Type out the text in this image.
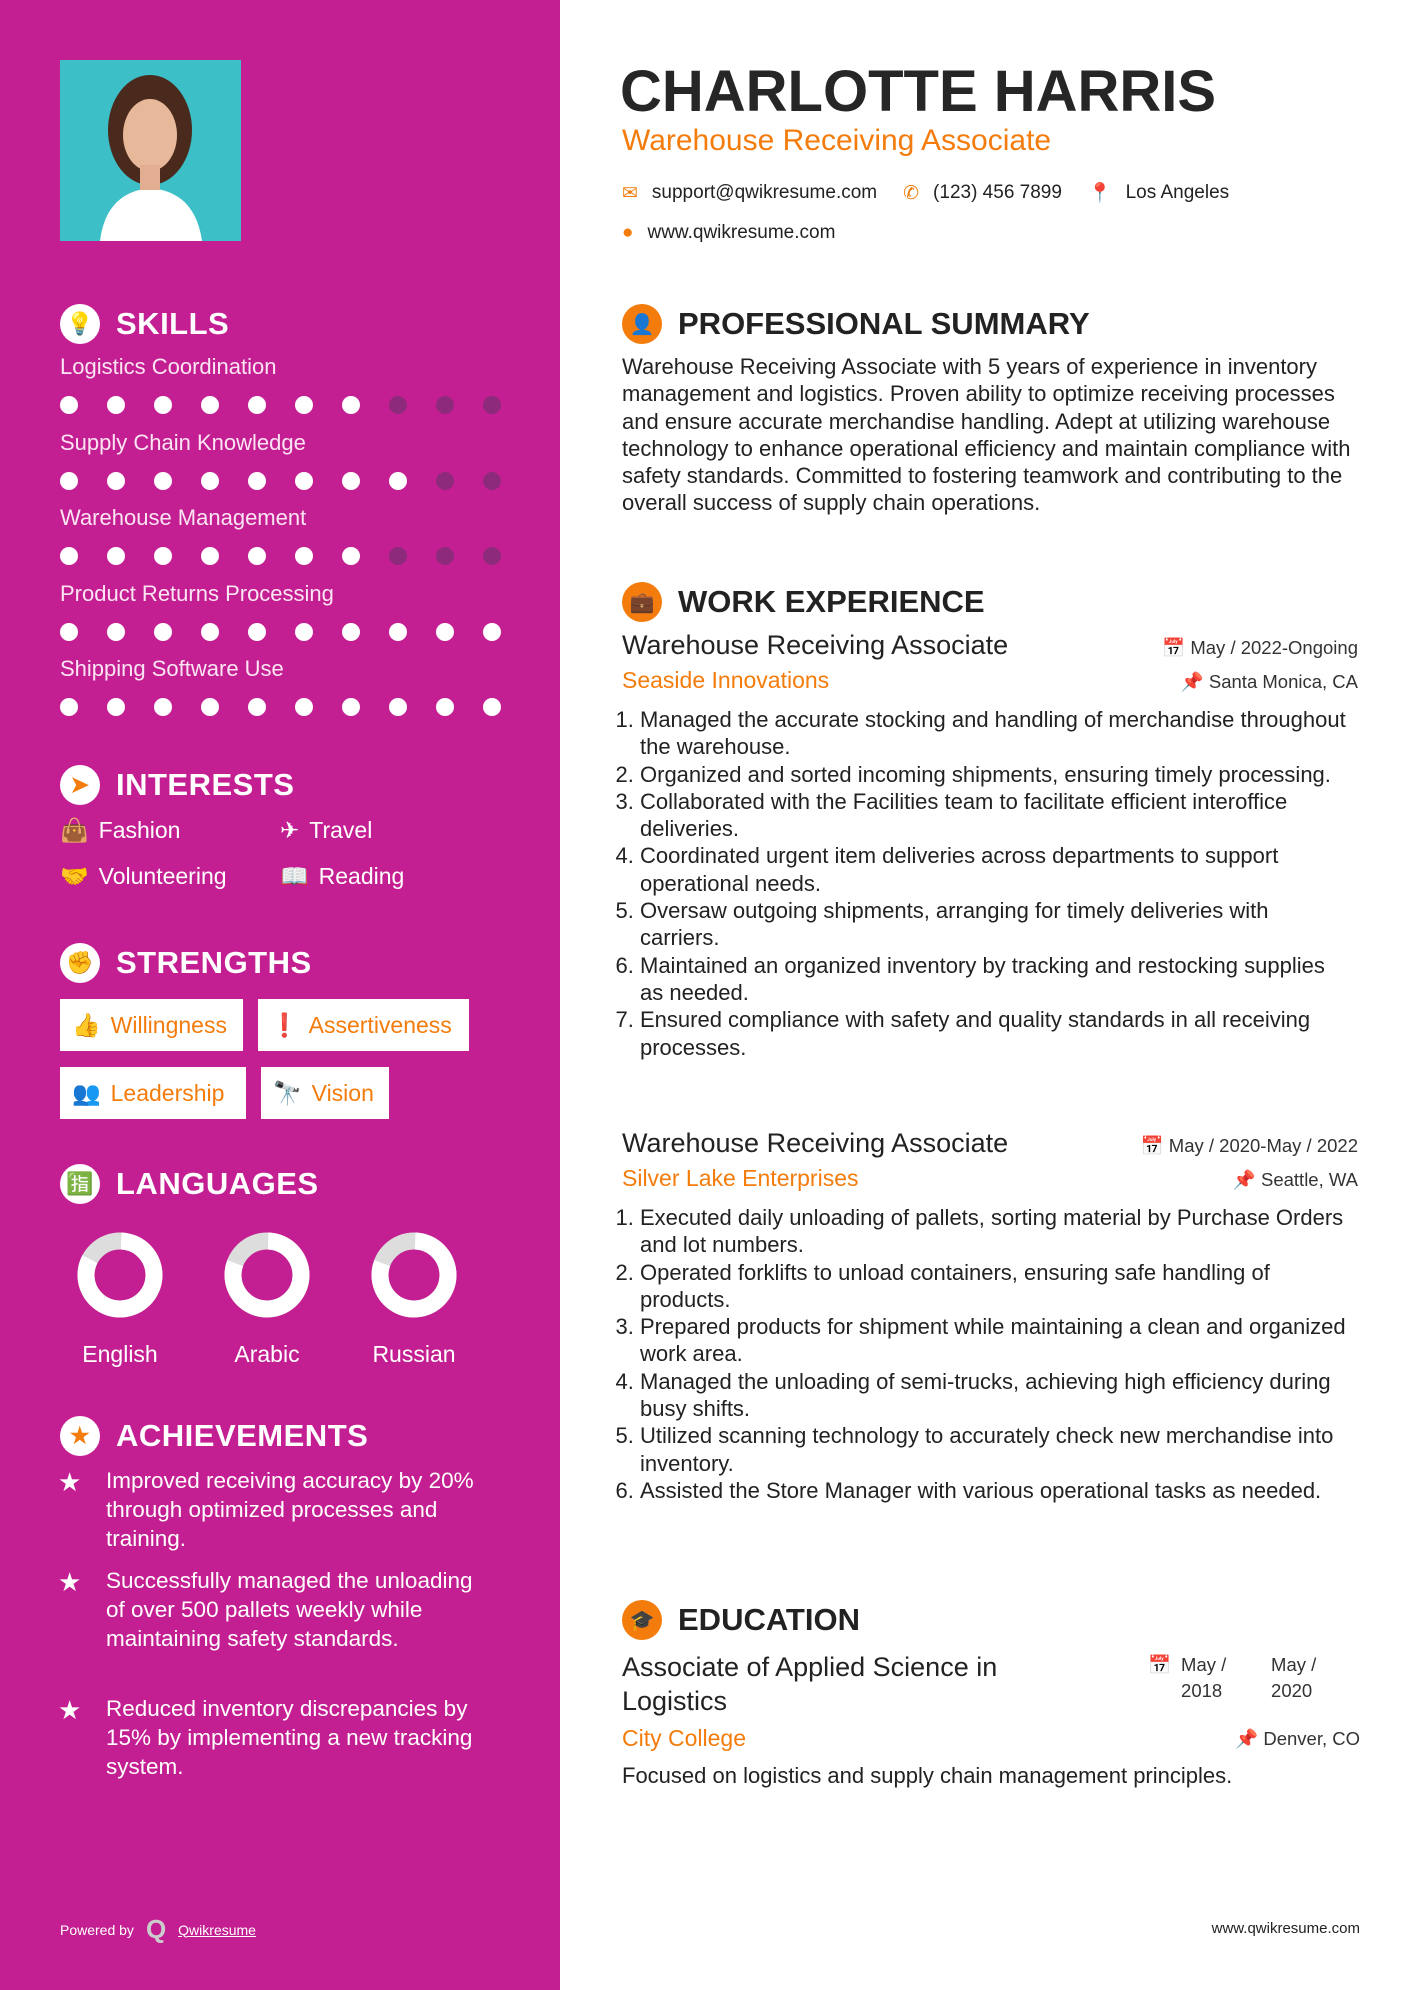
💡 SKILLS
Logistics Coordination
Supply Chain Knowledge
Warehouse Management
Product Returns Processing
Shipping Software Use
➤ INTERESTS
👜 Fashion	✈ Travel
🤝 Volunteering 📖 Reading
✊ STRENGTHS
👍 Willingness ❗ Assertiveness
👥 Leadership 🔭 Vision
🈯 LANGUAGES
English	Arabic	Russian
★ ACHIEVEMENTS
★ Improved receiving accuracy by 20% through optimized processes and training.
★ Successfully managed the unloading of over 500 pallets weekly while maintaining safety standards.
★ Reduced inventory discrepancies by 15% by implementing a new tracking system.
Powered by Q Qwikresume
CHARLOTTE HARRIS
Warehouse Receiving Associate
✉ support@qwikresume.com ✆ (123) 456 7899 📍 Los Angeles
● www.qwikresume.com
👤 PROFESSIONAL SUMMARY
Warehouse Receiving Associate with 5 years of experience in inventory management and logistics. Proven ability to optimize receiving processes and ensure accurate merchandise handling. Adept at utilizing warehouse technology to enhance operational efficiency and maintain compliance with safety standards. Committed to fostering teamwork and contributing to the overall success of supply chain operations.
💼 WORK EXPERIENCE
Warehouse Receiving Associate	📅 May / 2022-Ongoing
Seaside Innovations	📌 Santa Monica, CA
1. Managed the accurate stocking and handling of merchandise throughout the warehouse.
2. Organized and sorted incoming shipments, ensuring timely processing.
3. Collaborated with the Facilities team to facilitate efficient interoffice deliveries.
4. Coordinated urgent item deliveries across departments to support operational needs.
5. Oversaw outgoing shipments, arranging for timely deliveries with carriers.
6. Maintained an organized inventory by tracking and restocking supplies as needed.
7. Ensured compliance with safety and quality standards in all receiving processes.
Warehouse Receiving Associate	📅 May / 2020-May / 2022
Silver Lake Enterprises	📌 Seattle, WA
1. Executed daily unloading of pallets, sorting material by Purchase Orders and lot numbers.
2. Operated forklifts to unload containers, ensuring safe handling of products.
3. Prepared products for shipment while maintaining a clean and organized work area.
4. Managed the unloading of semi-trucks, achieving high efficiency during busy shifts.
5. Utilized scanning technology to accurately check new merchandise into inventory.
6. Assisted the Store Manager with various operational tasks as needed.
🎓 EDUCATION
Associate of Applied Science in Logistics
📅 May / 2018
May / 2020
City College	📌 Denver, CO
Focused on logistics and supply chain management principles.
www.qwikresume.com
